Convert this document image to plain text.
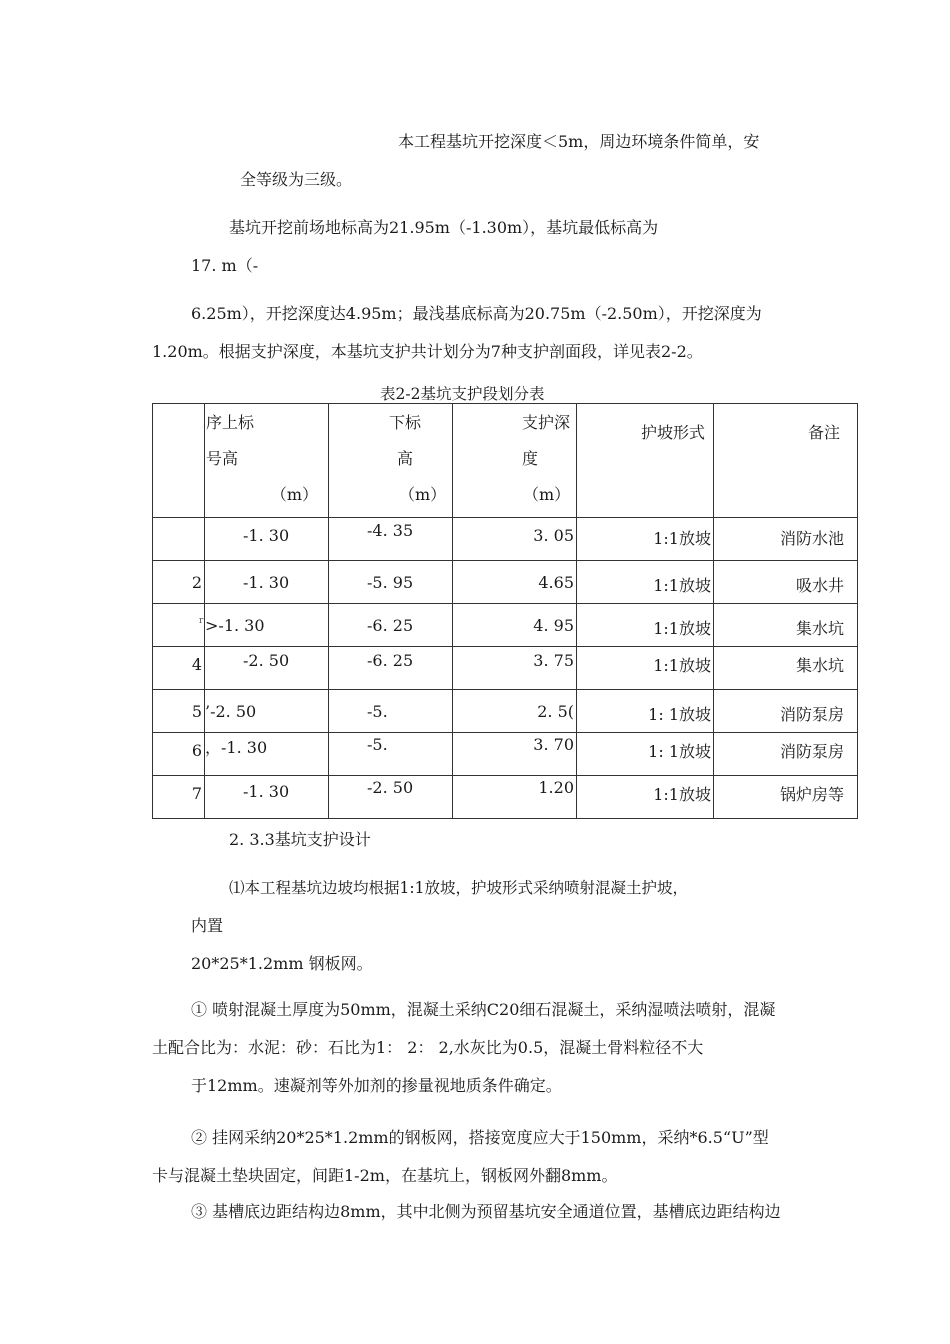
本工程基坑开挖深度＜5m，周边环境条件简单，安
全等级为三级。
基坑开挖前场地标高为21.95m（-1.30m），基坑最低标高为
17. m（-
6.25m），开挖深度达4.95m；最浅基底标高为20.75m（-2.50m），开挖深度为
1.20m。根据支护深度，本基坑支护共计划分为7种支护剖面段，详见表2-2。
表2-2基坑支护段划分表

	序上标
号高
（m）	下标
高
（m）	支护深
度
（m）	护坡形式	备注

	-1. 30	-4. 35	3. 05	1:1放坡	消防水池

2	-1. 30	-5. 95	4.65	1:1放坡	吸水井

r	>-1. 30	-6. 25	4. 95	1:1放坡	集水坑

4	-2. 50	-6. 25	3. 75	1:1放坡	集水坑

5	’-2. 50	-5.	2. 5(	1: 1放坡	消防泵房

6	，-1. 30	-5.	3. 70	1: 1放坡	消防泵房

7	-1. 30	-2. 50	1.20	1:1放坡	锅炉房等
2. 3.3基坑支护设计
⑴本工程基坑边坡均根据1:1放坡，护坡形式采纳喷射混凝土护坡，
内置
20*25*1.2mm 钢板网。
① 喷射混凝土厚度为50mm，混凝土采纳C20细石混凝土，采纳湿喷法喷射，混凝
土配合比为：水泥：砂：石比为1： 2： 2,水灰比为0.5，混凝土骨料粒径不大
于12mm。速凝剂等外加剂的掺量视地质条件确定。
② 挂网采纳20*25*1.2mm的钢板网，搭接宽度应大于150mm，采纳*6.5“U”型
卡与混凝土垫块固定，间距1-2m，在基坑上，钢板网外翻8mm。
③ 基槽底边距结构边8mm，其中北侧为预留基坑安全通道位置，基槽底边距结构边
